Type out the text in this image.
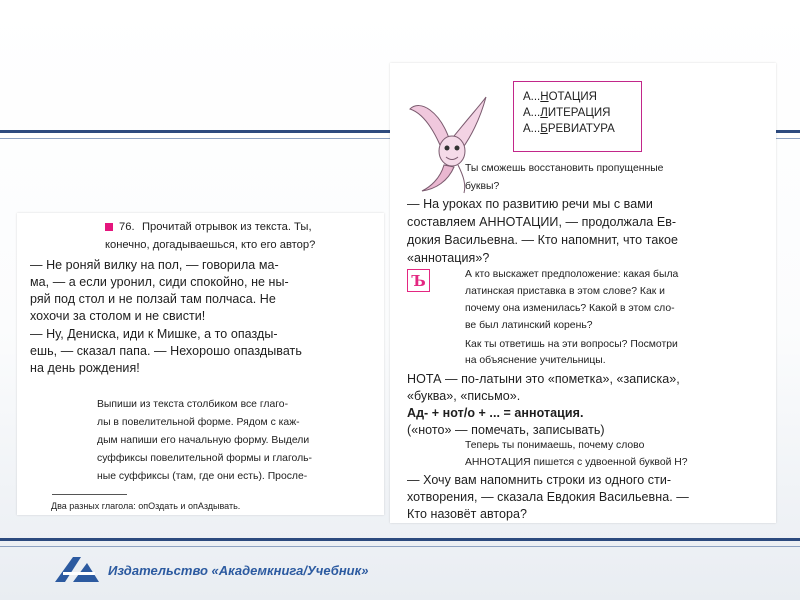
76. Прочитай отрывок из текста. Ты,
конечно, догадываешься, кто его автор?
— Не роняй вилку на пол, — говорила ма-
ма, — а если уронил, сиди спокойно, не ны-
ряй под стол и не ползай там полчаса. Не
хохочи за столом и не свисти!
— Ну, Дениска, иди к Мишке, а то опазды-
ешь, — сказал папа. — Нехорошо опаздывать
на день рождения!
Выпиши из текста столбиком все глаго-
лы в повелительной форме. Рядом с каж-
дым напиши его начальную форму. Выдели
суффиксы повелительной формы и глаголь-
ные суффиксы (там, где они есть). Просле-
Два разных глагола: опОздать и опАздывать.
А...НОТАЦИЯ
А...ЛИТЕРАЦИЯ
А...БРЕВИАТУРА
Ты сможешь восстановить пропущенные
буквы?
— На уроках по развитию речи мы с вами
составляем АННОТАЦИИ, — продолжала Ев-
докия Васильевна. — Кто напомнит, что такое
«аннотация»?
Ъ	А кто выскажет предположение: какая была
латинская приставка в этом слове? Как и
почему она изменилась? Какой в этом сло-
ве был латинский корень?
Как ты ответишь на эти вопросы? Посмотри
на объяснение учительницы.
НОТА — по-латыни это «пометка», «записка»,
«буква», «письмо».
Ад- + нот/о + ... = аннотация.
(«ното» — помечать, записывать)
Теперь ты понимаешь, почему слово
АННОТАЦИЯ пишется с удвоенной буквой Н?
— Хочу вам напомнить строки из одного сти-
хотворения, — сказала Евдокия Васильевна. —
Кто назовёт автора?
Издательство «Академкнига/Учебник»
